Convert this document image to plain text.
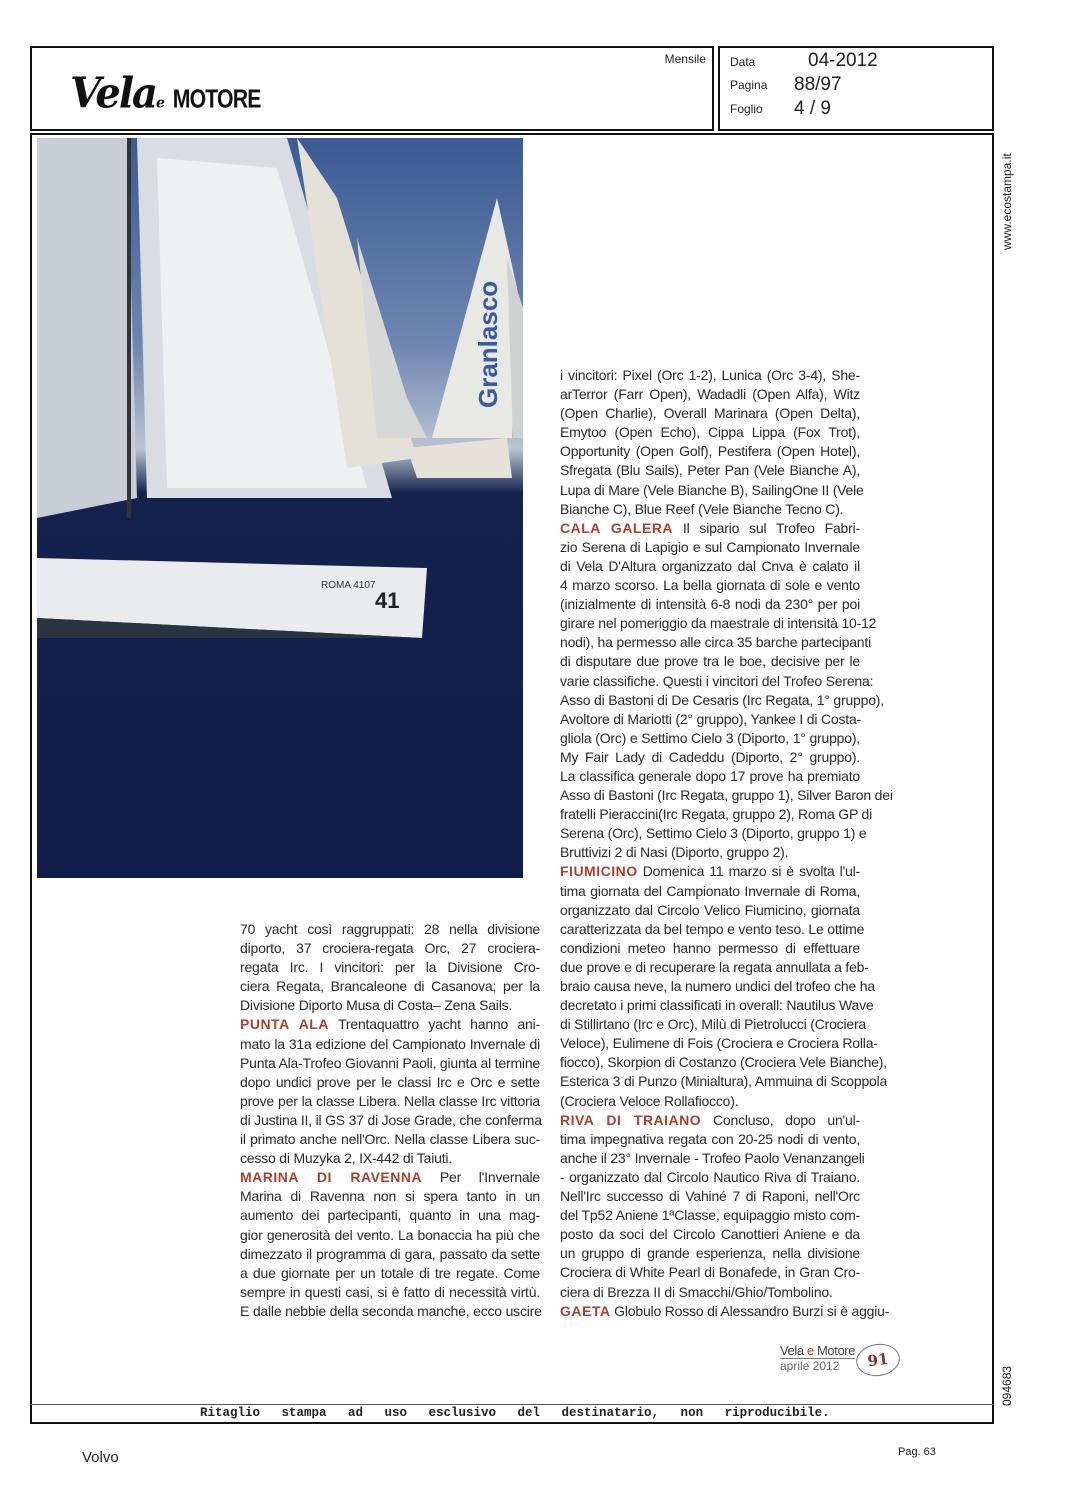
Velae MOTORE
Mensile Data	04-2012
Pagina 88/97
Foglio 4 / 9
Granlasco
41
ROMA 4107
70 yacht così raggruppati: 28 nella divisione
diporto, 37 crociera-regata Orc, 27 crociera-
regata Irc. I vincitori: per la Divisione Cro-
ciera Regata, Brancaleone di Casanova; per la
Divisione Diporto Musa di Costa– Zena Sails.
PUNTA ALA Trentaquattro yacht hanno ani-
mato la 31a edizione del Campionato Invernale di
Punta Ala-Trofeo Giovanni Paoli, giunta al termine
dopo undici prove per le classi Irc e Orc e sette
prove per la classe Libera. Nella classe Irc vittoria
di Justina II, il GS 37 di Jose Grade, che conferma
il primato anche nell'Orc. Nella classe Libera suc-
cesso di Muzyka 2, IX-442 di Taiuti.
MARINA DI RAVENNA Per l'Invernale
Marina di Ravenna non si spera tanto in un
aumento dei partecipanti, quanto in una mag-
gior generosità del vento. La bonaccia ha più che
dimezzato il programma di gara, passato da sette
a due giornate per un totale di tre regate. Come
sempre in questi casi, si è fatto di necessità virtù.
E dalle nebbie della seconda manche, ecco uscire
i vincitori: Pixel (Orc 1-2), Lunica (Orc 3-4), She-
arTerror (Farr Open), Wadadli (Open Alfa), Witz
(Open Charlie), Overall Marinara (Open Delta),
Emytoo (Open Echo), Cippa Lippa (Fox Trot),
Opportunity (Open Golf), Pestifera (Open Hotel),
Sfregata (Blu Sails), Peter Pan (Vele Bianche A),
Lupa di Mare (Vele Bianche B), SailingOne II (Vele
Bianche C), Blue Reef (Vele Bianche Tecno C).
CALA GALERA Il sipario sul Trofeo Fabri-
zio Serena di Lapigio e sul Campionato Invernale
di Vela D'Altura organizzato dal Cnva è calato il
4 marzo scorso. La bella giornata di sole e vento
(inizialmente di intensità 6-8 nodi da 230° per poi
girare nel pomeriggio da maestrale di intensità 10-12
nodi), ha permesso alle circa 35 barche partecipanti
di disputare due prove tra le boe, decisive per le
varie classifiche. Questi i vincitori del Trofeo Serena:
Asso di Bastoni di De Cesaris (Irc Regata, 1° gruppo),
Avoltore di Mariotti (2° gruppo), Yankee I di Costa-
gliola (Orc) e Settimo Cielo 3 (Diporto, 1° gruppo),
My Fair Lady di Cadeddu (Diporto, 2° gruppo).
La classifica generale dopo 17 prove ha premiato
Asso di Bastoni (Irc Regata, gruppo 1), Silver Baron dei
fratelli Pieraccini(Irc Regata, gruppo 2), Roma GP di
Serena (Orc), Settimo Cielo 3 (Diporto, gruppo 1) e
Bruttivizi 2 di Nasi (Diporto, gruppo 2).
FIUMICINO Domenica 11 marzo si è svolta l'ul-
tima giornata del Campionato Invernale di Roma,
organizzato dal Circolo Velico Fiumicino, giornata
caratterizzata da bel tempo e vento teso. Le ottime
condizioni meteo hanno permesso di effettuare
due prove e di recuperare la regata annullata a feb-
braio causa neve, la numero undici del trofeo che ha
decretato i primi classificati in overall: Nautilus Wave
di Stillirtano (Irc e Orc), Milù di Pietrolucci (Crociera
Veloce), Eulimene di Fois (Crociera e Crociera Rolla-
fiocco), Skorpion di Costanzo (Crociera Vele Bianche),
Esterica 3 di Punzo (Minialtura), Ammuina di Scoppola
(Crociera Veloce Rollafiocco).
RIVA DI TRAIANO Concluso, dopo un'ul-
tima impegnativa regata con 20-25 nodi di vento,
anche il 23° Invernale - Trofeo Paolo Venanzangeli
- organizzato dal Circolo Nautico Riva di Traiano.
Nell'Irc successo di Vahiné 7 di Raponi, nell'Orc
del Tp52 Aniene 1ªClasse, equipaggio misto com-
posto da soci del Circolo Canottieri Aniene e da
un gruppo di grande esperienza, nella divisione
Crociera di White Pearl di Bonafede, in Gran Cro-
ciera di Brezza II di Smacchi/Ghio/Tombolino.
GAETA Globulo Rosso di Alessandro Burzi si è aggiu-
Vela e Motore
aprile 2012	91
Ritaglio stampa ad uso esclusivo del destinatario, non riproducibile.
www.ecostampa.it
094683
Volvo	Pag. 63
